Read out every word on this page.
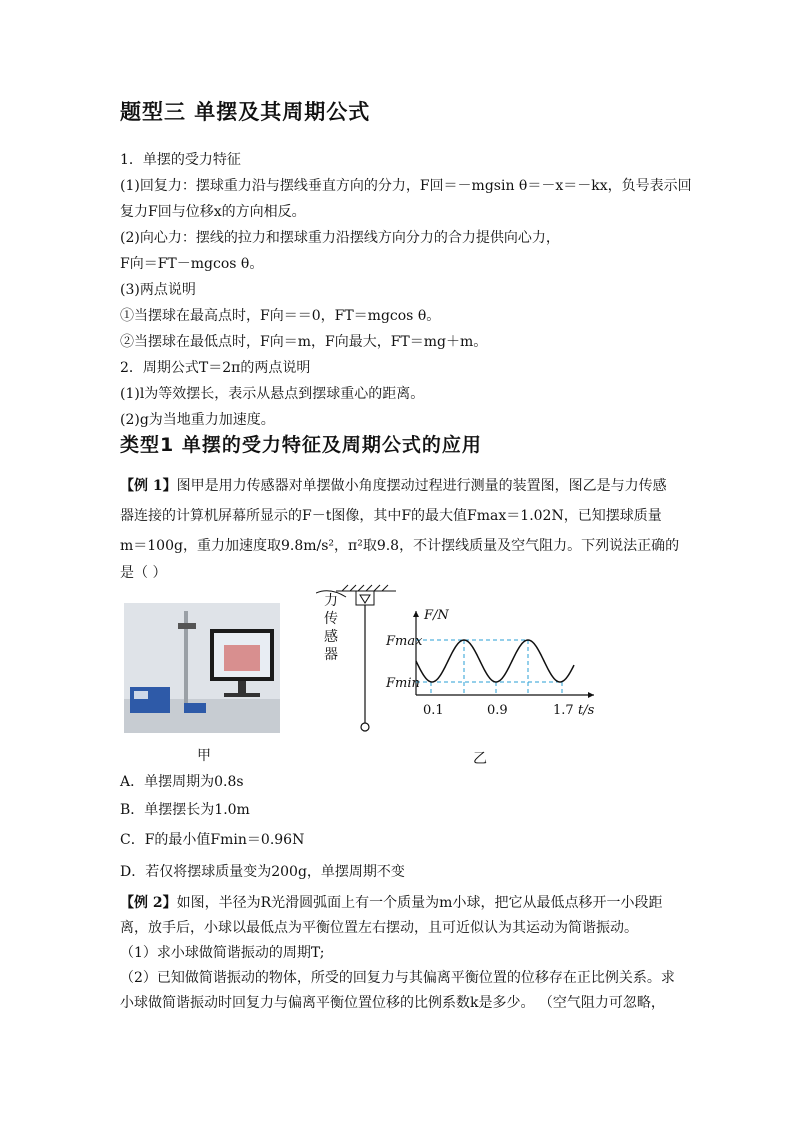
题型三 单摆及其周期公式
1．单摆的受力特征
(1)回复力：摆球重力沿与摆线垂直方向的分力，F回＝－mgsin θ＝－x＝－kx，负号表示回
复力F回与位移x的方向相反。
(2)向心力：摆线的拉力和摆球重力沿摆线方向分力的合力提供向心力，
F向＝FT－mgcos θ。
(3)两点说明
①当摆球在最高点时，F向＝＝0，FT＝mgcos θ。
②当摆球在最低点时，F向＝m，F向最大，FT＝mg＋m。
2．周期公式T＝2π的两点说明
(1)l为等效摆长，表示从悬点到摆球重心的距离。
(2)g为当地重力加速度。
类型1 单摆的受力特征及周期公式的应用
【例 1】图甲是用力传感器对单摆做小角度摆动过程进行测量的装置图，图乙是与力传感
器连接的计算机屏幕所显示的F－t图像，其中F的最大值Fmax＝1.02N，已知摆球质量
m＝100g，重力加速度取9.8m/s²，π²取9.8，不计摆线质量及空气阻力。下列说法正确的
是（ ）
甲
力
传
感
器
F/N
Fmax
Fmin
0.1	0.9	1.7 t/s
乙
A．单摆周期为0.8s
B．单摆摆长为1.0m
C．F的最小值Fmin＝0.96N
D．若仅将摆球质量变为200g，单摆周期不变
【例 2】如图，半径为R光滑圆弧面上有一个质量为m小球，把它从最低点移开一小段距
离，放手后，小球以最低点为平衡位置左右摆动，且可近似认为其运动为简谐振动。
（1）求小球做简谐振动的周期T;
（2）已知做简谐振动的物体，所受的回复力与其偏离平衡位置的位移存在正比例关系。求
小球做简谐振动时回复力与偏离平衡位置位移的比例系数k是多少。 （空气阻力可忽略，
